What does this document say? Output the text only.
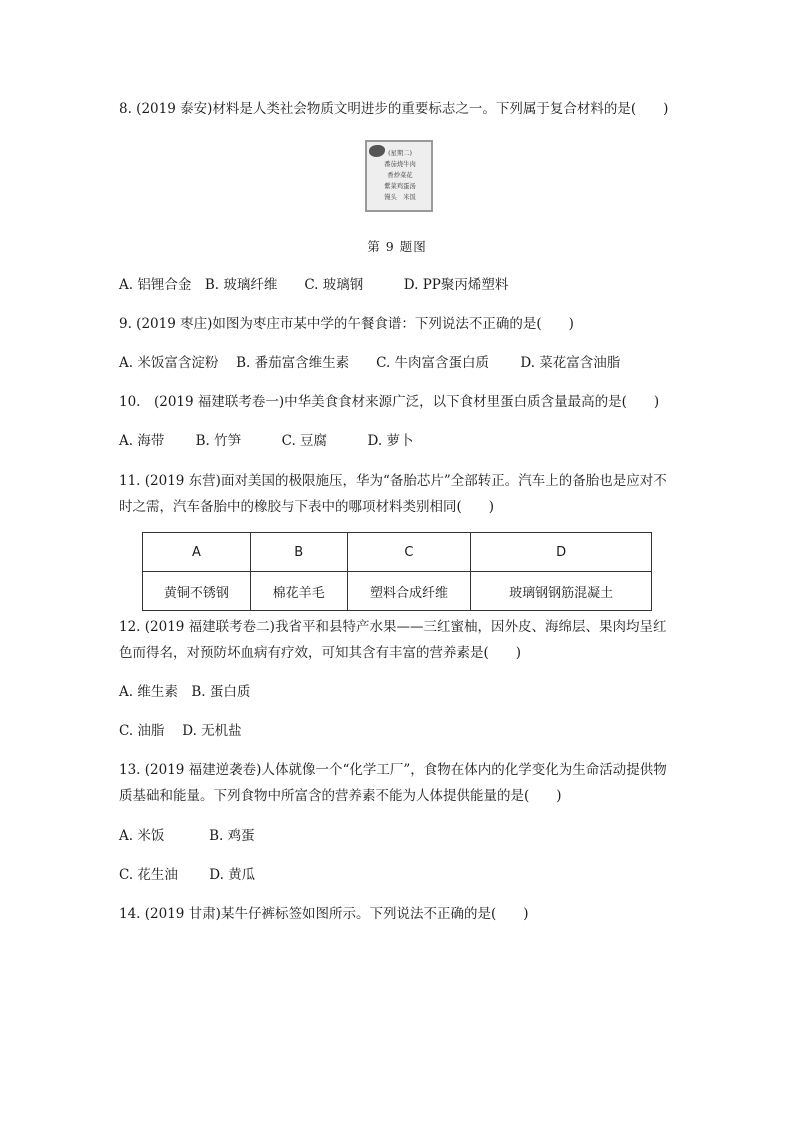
8. (2019 泰安)材料是人类社会物质文明进步的重要标志之一。下列属于复合材料的是(　　)
(星期二)
番茄烧牛肉
香炒菜花
紫菜鸡蛋汤
馒头　米饭
第 9 题图
A. 铝锂合金　B. 玻璃纤维　　C. 玻璃钢　　　D. PP聚丙烯塑料
9. (2019 枣庄)如图为枣庄市某中学的午餐食谱：下列说法不正确的是(　　)
A. 米饭富含淀粉　 B. 番茄富含维生素　　C. 牛肉富含蛋白质　　 D. 菜花富含油脂
10.　(2019 福建联考卷一)中华美食食材来源广泛，以下食材里蛋白质含量最高的是(　　)
A. 海带　　 B. 竹笋　　　C. 豆腐　　　D. 萝卜
11. (2019 东营)面对美国的极限施压，华为“备胎芯片”全部转正。汽车上的备胎也是应对不
时之需，汽车备胎中的橡胶与下表中的哪项材料类别相同(　　)
A	B	C	D
黄铜不锈钢	棉花羊毛	塑料合成纤维	玻璃钢钢筋混凝土
12. (2019 福建联考卷二)我省平和县特产水果——三红蜜柚，因外皮、海绵层、果肉均呈红
色而得名，对预防坏血病有疗效，可知其含有丰富的营养素是(　　)
A. 维生素　B. 蛋白质
C. 油脂　 D. 无机盐
13. (2019 福建逆袭卷)人体就像一个“化学工厂”，食物在体内的化学变化为生命活动提供物
质基础和能量。下列食物中所富含的营养素不能为人体提供能量的是(　　)
A. 米饭　　　 B. 鸡蛋
C. 花生油　　 D. 黄瓜
14. (2019 甘肃)某牛仔裤标签如图所示。下列说法不正确的是(　　)
